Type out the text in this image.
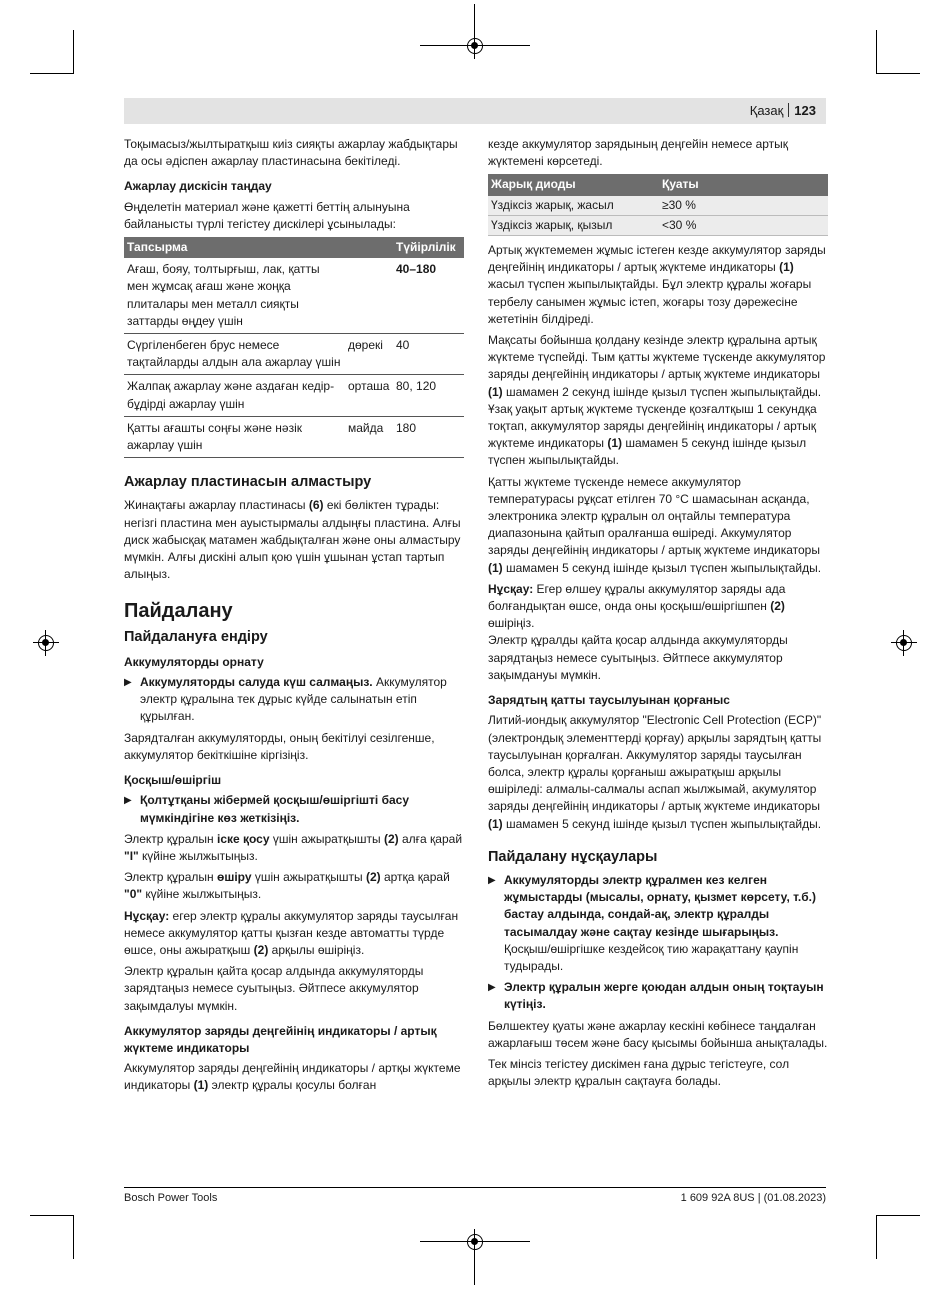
Қазақ 123

Тоқымасыз/жылтыратқыш киіз сияқты ажарлау жабдықтары да осы әдіспен ажарлау пластинасына бекітіледі.

Ажарлау дискісін таңдау

Өңделетін материал және қажетті беттің алынуына байланысты түрлі тегістеу дискілері ұсынылады:

Тапсырма		Түйірлілік
Ағаш, бояу, толтырғыш, лак, қатты мен жұмсақ ағаш және жоңқа плиталары мен металл сияқты заттарды өңдеу үшін		40–180
Сүргіленбеген брус немесе тақтайларды алдын ала ажарлау үшін	дөрекі	40
Жалпақ ажарлау және аздаған кедір-бұдірді ажарлау үшін	орташа	80, 120
Қатты ағашты соңғы және нәзік ажарлау үшін	майда	180
Ажарлау пластинасын алмастыру

Жинақтағы ажарлау пластинасы (6) екі бөліктен тұрады: негізгі пластина мен ауыстырмалы алдыңғы пластина. Алғы диск жабысқақ матамен жабдықталған және оны алмастыру мүмкін. Алғы дискіні алып қою үшін ұшынан ұстап тартып алыңыз.

Пайдалану
Пайдалануға ендіру
Аккумуляторды орнату
▶ Аккумуляторды салуда күш салмаңыз. Аккумулятор электр құралына тек дұрыс күйде салынатын етіп құрылған.

Зарядталған аккумуляторды, оның бекітілуі сезілгенше, аккумулятор бекіткішіне кіргізіңіз.

Қосқыш/өшіргіш
▶ Қолтұтқаны жібермей қосқыш/өшіргішті басу мүмкіндігіне көз жеткізіңіз.

Электр құралын іске қосу үшін ажыратқышты (2) алға қарай "I" күйіне жылжытыңыз.

Электр құралын өшіру үшін ажыратқышты (2) артқа қарай "0" күйіне жылжытыңыз.

Нұсқау: егер электр құралы аккумулятор заряды таусылған немесе аккумулятор қатты қызған кезде автоматты түрде өшсе, оны ажыратқыш (2) арқылы өшіріңіз.

Электр құралын қайта қосар алдында аккумуляторды зарядтаңыз немесе суытыңыз. Әйтпесе аккумулятор зақымдалуы мүмкін.

Аккумулятор заряды деңгейінің индикаторы / артық жүктеме индикаторы

Аккумулятор заряды деңгейінің индикаторы / артқы жүктеме индикаторы (1) электр құралы қосулы болған

кезде аккумулятор зарядының деңгейін немесе артық жүктемені көрсетеді.

Жарық диоды	Қуаты
Үздіксіз жарық, жасыл	≥30 %
Үздіксіз жарық, қызыл	<30 %

Артық жүктемемен жұмыс істеген кезде аккумулятор заряды деңгейінің индикаторы / артық жүктеме индикаторы (1) жасыл түспен жыпылықтайды. Бұл электр құралы жоғары тербелу санымен жұмыс істеп, жоғары тозу дәрежесіне жететінін білдіреді.

Мақсаты бойынша қолдану кезінде электр құралына артық жүктеме түспейді. Тым қатты жүктеме түскенде аккумулятор заряды деңгейінің индикаторы / артық жүктеме индикаторы (1) шамамен 2 секунд ішінде қызыл түспен жыпылықтайды. Ұзақ уақыт артық жүктеме түскенде қозғалтқыш 1 секундқа тоқтап, аккумулятор заряды деңгейінің индикаторы / артық жүктеме индикаторы (1) шамамен 5 секунд ішінде қызыл түспен жыпылықтайды.

Қатты жүктеме түскенде немесе аккумулятор температурасы рұқсат етілген 70 °C шамасынан асқанда, электроника электр құралын ол оңтайлы температура диапазонына қайтып оралғанша өшіреді. Аккумулятор заряды деңгейінің индикаторы / артық жүктеме индикаторы (1) шамамен 5 секунд ішінде қызыл түспен жыпылықтайды.

Нұсқау: Егер өлшеу құралы аккумулятор заряды ада болғандықтан өшсе, онда оны қосқыш/өшіргішпен (2) өшіріңіз.

Электр құралды қайта қосар алдында аккумуляторды зарядтаңыз немесе суытыңыз. Әйтпесе аккумулятор зақымдануы мүмкін.

Зарядтың қатты таусылуынан қорғаныс

Литий-иондық аккумулятор "Electronic Cell Protection (ECP)" (электрондық элементтерді қорғау) арқылы зарядтың қатты таусылуынан қорғалған. Аккумулятор заряды таусылған болса, электр құралы қорғаныш ажыратқыш арқылы өшіріледі: алмалы-салмалы аспап жылжымай, акумулятор заряды деңгейінің индикаторы / артық жүктеме индикаторы (1) шамамен 5 секунд ішінде қызыл түспен жыпылықтайды.

Пайдалану нұсқаулары
▶ Аккумуляторды электр құралмен кез келген жұмыстарды (мысалы, орнату, қызмет көрсету, т.б.) бастау алдында, сондай-ақ, электр құралды тасымалдау және сақтау кезінде шығарыңыз.
Қосқыш/өшіргішке кездейсоқ тию жарақаттану қаупін тудырады.
▶ Электр құралын жерге қоюдан алдын оның тоқтауын күтіңіз.

Бөлшектеу қуаты және ажарлау кескіні көбінесе таңдалған ажарлағыш төсем және басу қысымы бойынша анықталады.

Тек мінсіз тегістеу дискімен ғана дұрыс тегістеуге, сол арқылы электр құралын сақтауға болады.

Bosch Power Tools	1 609 92A 8US | (01.08.2023)
